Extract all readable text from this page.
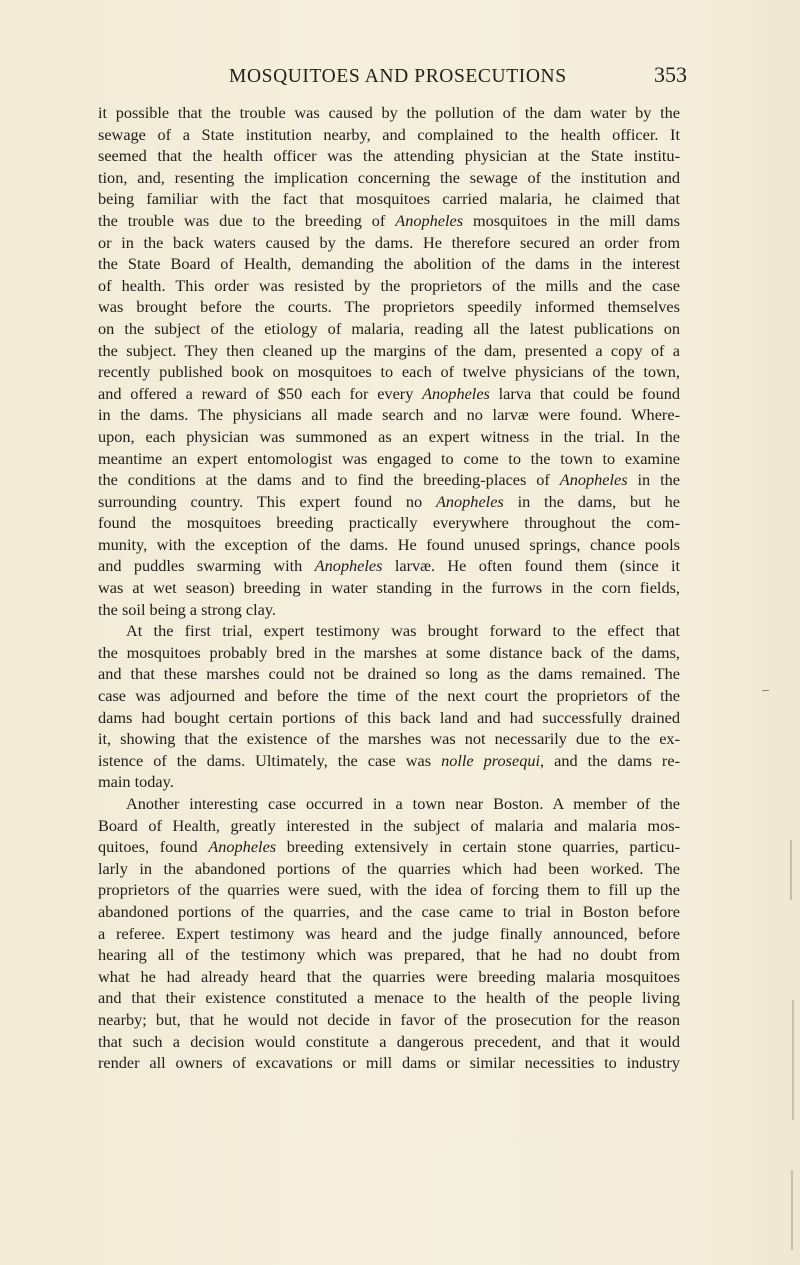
MOSQUITOES AND PROSECUTIONS	353
it possible that the trouble was caused by the pollution of the dam water by the
sewage of a State institution nearby, and complained to the health officer. It
seemed that the health officer was the attending physician at the State institu-
tion, and, resenting the implication concerning the sewage of the institution and
being familiar with the fact that mosquitoes carried malaria, he claimed that
the trouble was due to the breeding of Anopheles mosquitoes in the mill dams
or in the back waters caused by the dams. He therefore secured an order from
the State Board of Health, demanding the abolition of the dams in the interest
of health. This order was resisted by the proprietors of the mills and the case
was brought before the courts. The proprietors speedily informed themselves
on the subject of the etiology of malaria, reading all the latest publications on
the subject. They then cleaned up the margins of the dam, presented a copy of a
recently published book on mosquitoes to each of twelve physicians of the town,
and offered a reward of $50 each for every Anopheles larva that could be found
in the dams. The physicians all made search and no larvæ were found. Where-
upon, each physician was summoned as an expert witness in the trial. In the
meantime an expert entomologist was engaged to come to the town to examine
the conditions at the dams and to find the breeding-places of Anopheles in the
surrounding country. This expert found no Anopheles in the dams, but he
found the mosquitoes breeding practically everywhere throughout the com-
munity, with the exception of the dams. He found unused springs, chance pools
and puddles swarming with Anopheles larvæ. He often found them (since it
was at wet season) breeding in water standing in the furrows in the corn fields,
the soil being a strong clay.
At the first trial, expert testimony was brought forward to the effect that
the mosquitoes probably bred in the marshes at some distance back of the dams,
and that these marshes could not be drained so long as the dams remained. The
case was adjourned and before the time of the next court the proprietors of the
dams had bought certain portions of this back land and had successfully drained
it, showing that the existence of the marshes was not necessarily due to the ex-
istence of the dams. Ultimately, the case was nolle prosequi, and the dams re-
main today.
Another interesting case occurred in a town near Boston. A member of the
Board of Health, greatly interested in the subject of malaria and malaria mos-
quitoes, found Anopheles breeding extensively in certain stone quarries, particu-
larly in the abandoned portions of the quarries which had been worked. The
proprietors of the quarries were sued, with the idea of forcing them to fill up the
abandoned portions of the quarries, and the case came to trial in Boston before
a referee. Expert testimony was heard and the judge finally announced, before
hearing all of the testimony which was prepared, that he had no doubt from
what he had already heard that the quarries were breeding malaria mosquitoes
and that their existence constituted a menace to the health of the people living
nearby; but, that he would not decide in favor of the prosecution for the reason
that such a decision would constitute a dangerous precedent, and that it would
render all owners of excavations or mill dams or similar necessities to industry
